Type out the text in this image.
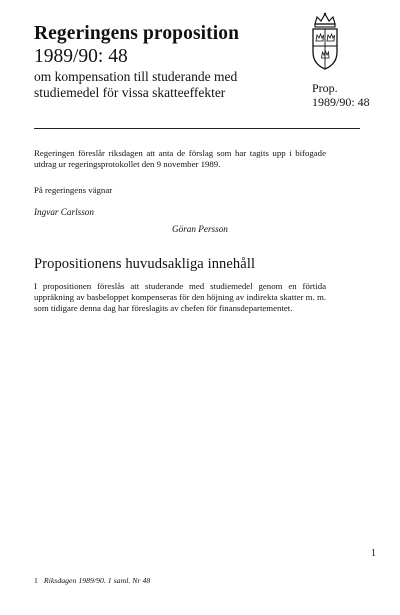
Regeringens proposition
1989/90: 48
om kompensation till studerande med studiemedel för vissa skatteeffekter	Prop.
1989/90: 48
Regeringen föreslår riksdagen att anta de förslag som har tagits upp i bifogade utdrag ur regeringsprotokollet den 9 november 1989.
På regeringens vägnar
Ingvar Carlsson
Göran Persson
Propositionens huvudsakliga innehåll
I propositionen föreslås att studerande med studiemedel genom en förtida uppräkning av basbeloppet kompenseras för den höjning av indirekta skatter m. m. som tidigare denna dag har föreslagits av chefen för finansdepartementet.
1
1 Riksdagen 1989/90. 1 saml. Nr 48
